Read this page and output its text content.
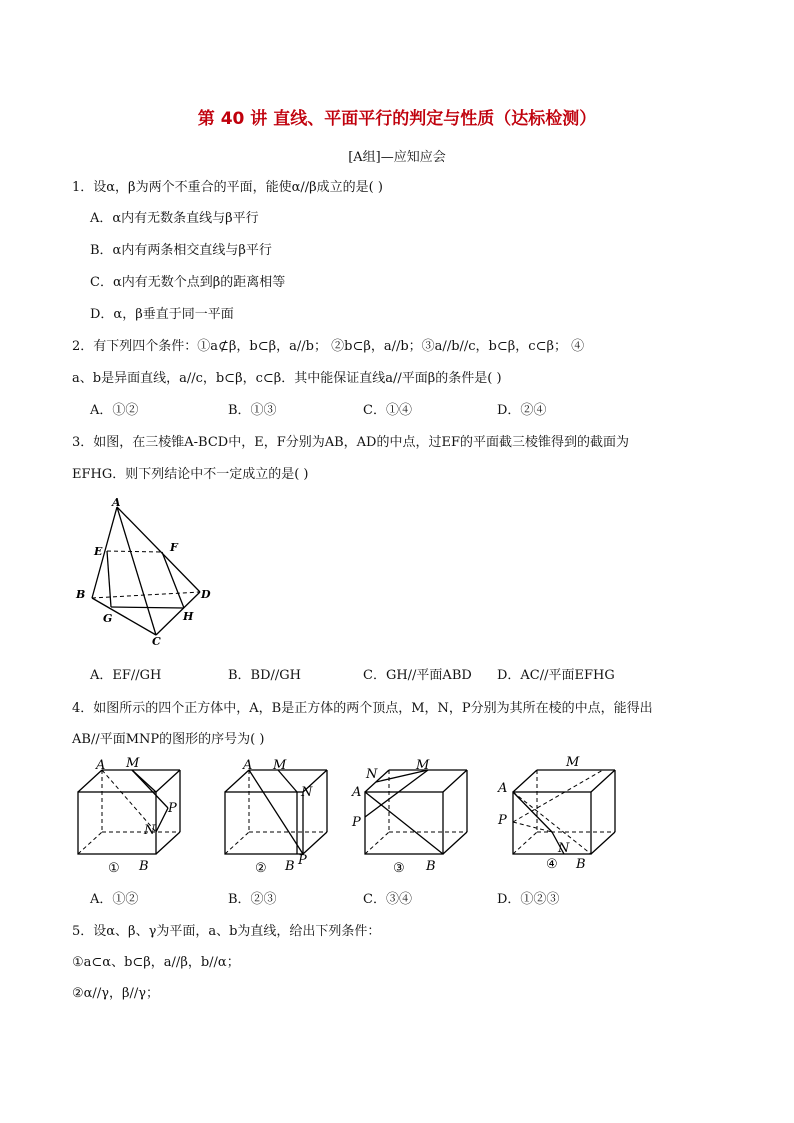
第 40 讲 直线、平面平行的判定与性质（达标检测）
[A组]—应知应会
1．设α，β为两个不重合的平面，能使α//β成立的是( )
A．α内有无数条直线与β平行
B．α内有两条相交直线与β平行
C．α内有无数个点到β的距离相等
D．α，β垂直于同一平面
2．有下列四个条件：①a⊄β，b⊂β，a//b； ②b⊂β，a//b；③a//b//c，b⊂β，c⊂β； ④
a、b是异面直线，a//c，b⊂β，c⊂β．其中能保证直线a//平面β的条件是( )
A．①②	B．①③	C．①④	D．②④
3．如图，在三棱锥A-BCD中，E，F分别为AB，AD的中点，过EF的平面截三棱锥得到的截面为
EFHG．则下列结论中不一定成立的是( )
A
E	F
B	D
G	H
C
A．EF//GH	B．BD//GH	C．GH//平面ABD D．AC//平面EFHG
4．如图所示的四个正方体中，A，B是正方体的两个顶点，M，N，P分别为其所在棱的中点，能得出
AB//平面MNP的图形的序号为( )
A M
P
N
B
①
A M
N
B P
②
N
M
A
P
B
③
M
A
P
N
B
④
A．①②	B．②③	C．③④	D．①②③
5．设α、β、γ为平面，a、b为直线，给出下列条件：
①a⊂α、b⊂β，a//β，b//α；
②α//γ，β//γ；
